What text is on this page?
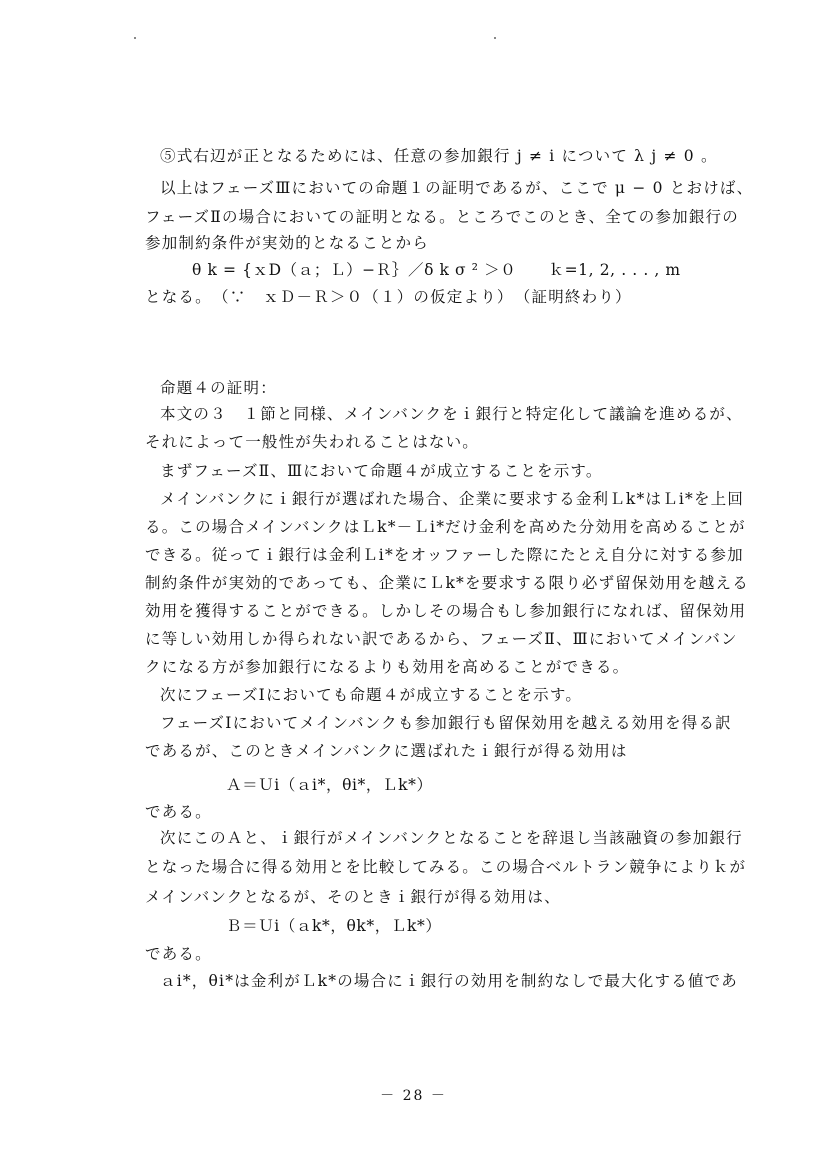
⑤式右辺が正となるためには、任意の参加銀行 j ≠ i について λ j ≠ 0 。
以上はフェーズⅢにおいての命題１の証明であるが、ここで μ − 0 とおけば、
フェーズⅡの場合においての証明となる。ところでこのとき、全ての参加銀行の
参加制約条件が実効的となることから
θ k = {ｘD（ａ；Ｌ）−Ｒ｝／δ k σ ² ＞０　　ｋ=1, 2, . . . , m
となる。　（∵　ｘＤ－Ｒ＞０（１）の仮定より）　（証明終わり）
命題４の証明：
本文の３　１節と同様、メインバンクをｉ銀行と特定化して議論を進めるが、
それによって一般性が失われることはない。
まずフェーズⅡ、Ⅲにおいて命題４が成立することを示す。
メインバンクにｉ銀行が選ばれた場合、企業に要求する金利Ｌk*はＬi*を上回
る。この場合メインバンクはＬk*－Ｌi*だけ金利を高めた分効用を高めることが
できる。従ってｉ銀行は金利Ｌi*をオッファーした際にたとえ自分に対する参加
制約条件が実効的であっても、企業にＬk*を要求する限り必ず留保効用を越える
効用を獲得することができる。しかしその場合もし参加銀行になれば、留保効用
に等しい効用しか得られない訳であるから、フェーズⅡ、Ⅲにおいてメインバン
クになる方が参加銀行になるよりも効用を高めることができる。
次にフェーズⅠにおいても命題４が成立することを示す。
フェーズⅠにおいてメインバンクも参加銀行も留保効用を越える効用を得る訳
であるが、このときメインバンクに選ばれたｉ銀行が得る効用は
Ａ＝Ｕi（ａi*，θi*，Ｌk*）
である。
次にこのＡと、ｉ銀行がメインバンクとなることを辞退し当該融資の参加銀行
となった場合に得る効用とを比較してみる。この場合ベルトラン競争によりｋが
メインバンクとなるが、そのときｉ銀行が得る効用は、
Ｂ＝Ｕi（ａk*，θk*，Ｌk*）
である。
ａi*，θi*は金利がＬk*の場合にｉ銀行の効用を制約なしで最大化する値であ
－ 28 －
